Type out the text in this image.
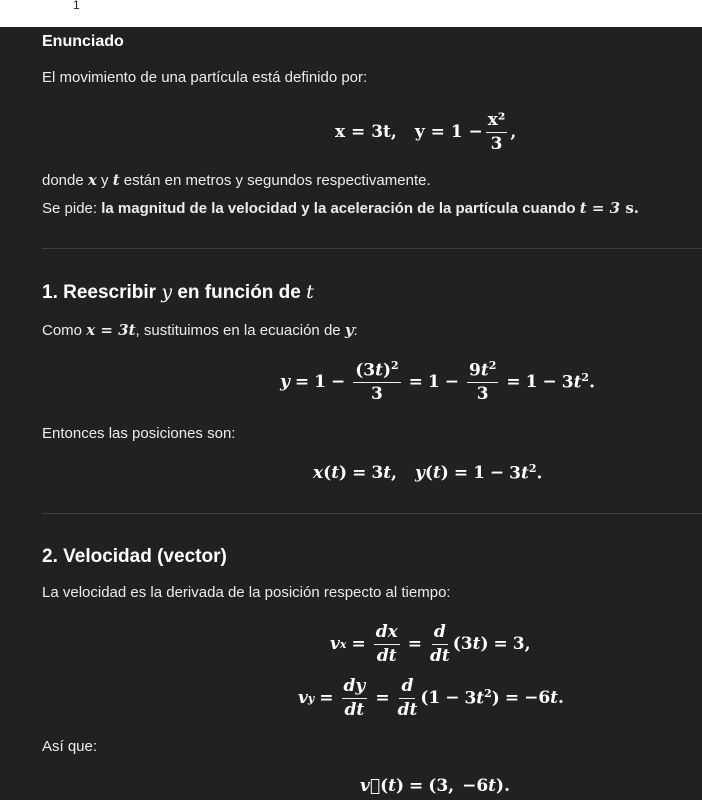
1
Enunciado
El movimiento de una partícula está definido por:
x = 3t, $y = 1 - \frac{\text{x²}}{3}$ ,
donde x y t están en metros y segundos respectivamente.
Se pide: la magnitud de la velocidad y la aceleración de la partícula cuando t = 3 s.
1. Reescribir y en función de t
Como x = 3t, sustituimos en la ecuación de y:
$y = 1 - \frac{(3t)^2}{3} = 1 - \frac{9t^2}{3} = 1 - 3t^2$.
Entonces las posiciones son:
x ( t ) = 3t, y ( t ) = $1 - 3t^2$.
2. Velocidad (vector)
La velocidad es la derivada de la posición respecto al tiempo:
v $x = \frac{dx}{dt} = \frac{d}{dt} (3t) = 3$,
v $y = \frac{dy}{dt} = \frac{d}{dt} (1 - 3t^2) = -6t$.
Así que:
v⃗ ( t ) = (3, −6t).
